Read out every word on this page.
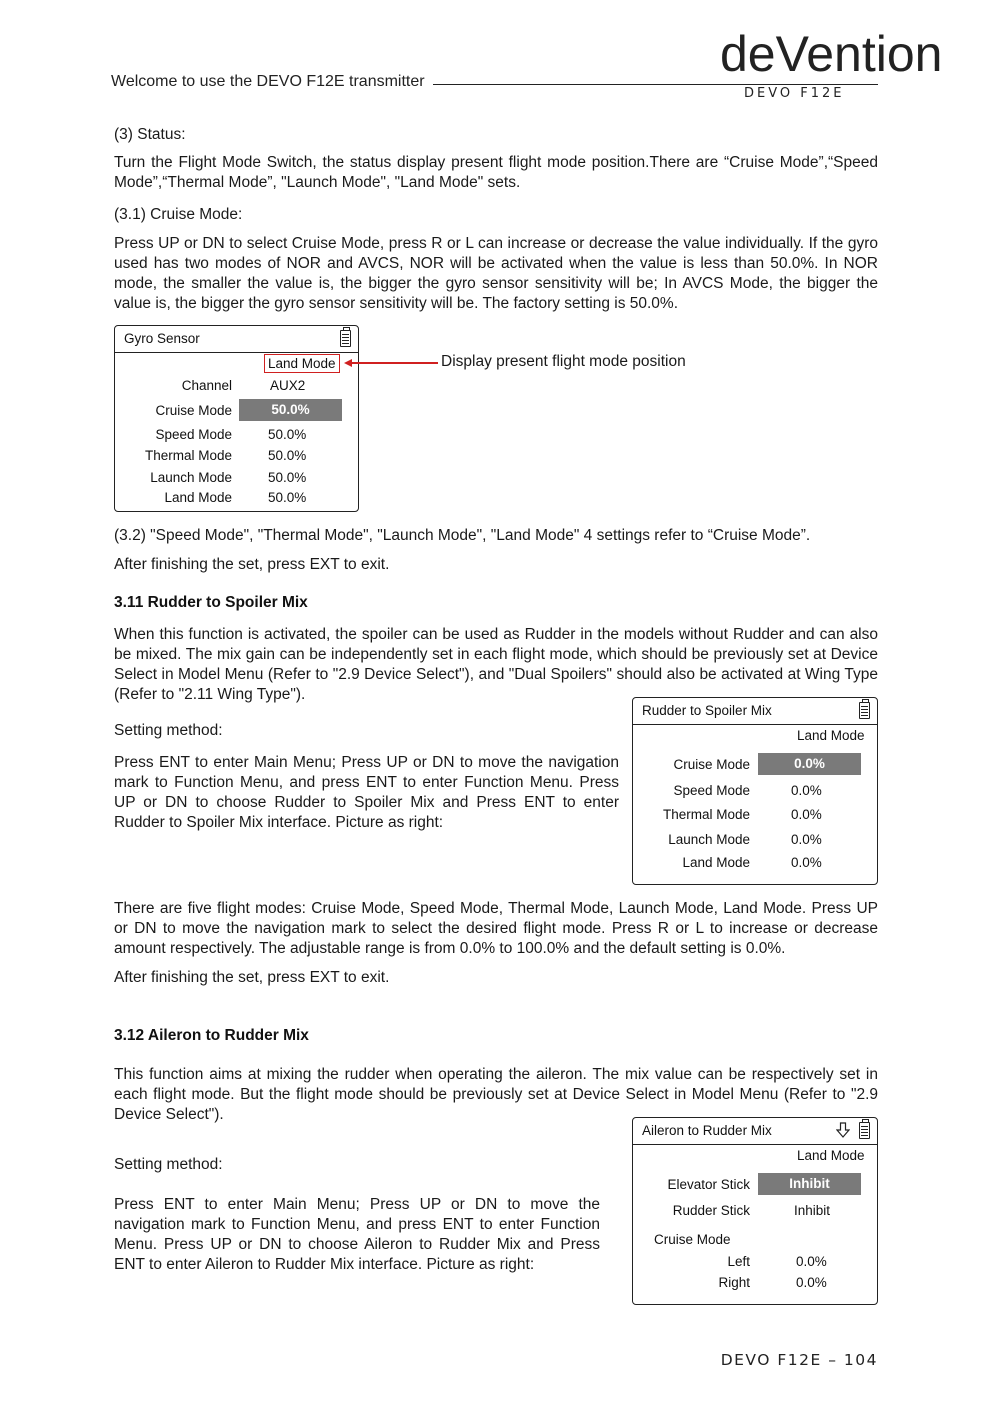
Welcome to use the DEVO F12E transmitter	deVention
DEVO F12E
(3) Status:
Turn the Flight Mode Switch, the status display present flight mode position.There are “Cruise Mode”,“Speed Mode”,“Thermal Mode”, "Launch Mode", "Land Mode" sets.
(3.1) Cruise Mode:
Press UP or DN to select Cruise Mode, press R or L can increase or decrease the value individually. If the gyro used has two modes of NOR and AVCS, NOR will be activated when the value is less than 50.0%. In NOR mode, the smaller the value is, the bigger the gyro sensor sensitivity will be; In AVCS Mode, the bigger the value is, the bigger the gyro sensor sensitivity will be. The factory setting is 50.0%.
Gyro Sensor
Channel	AUX2
Cruise Mode	50.0%
Speed Mode	50.0%
Thermal Mode	50.0%
Launch Mode	50.0%
Land Mode	50.0%
Land Mode	Display present flight mode position
(3.2) "Speed Mode", "Thermal Mode", "Launch Mode", "Land Mode" 4 settings refer to “Cruise Mode”.
After finishing the set, press EXT to exit.
3.11 Rudder to Spoiler Mix
When this function is activated, the spoiler can be used as Rudder in the models without Rudder and can also be mixed. The mix gain can be independently set in each flight mode, which should be previously set at Device Select in Model Menu (Refer to "2.9 Device Select"), and "Dual Spoilers" should also be activated at Wing Type (Refer to "2.11 Wing Type").
Setting method:
Press ENT to enter Main Menu; Press UP or DN to move the navigation mark to Function Menu, and press ENT to enter Function Menu. Press UP or DN to choose Rudder to Spoiler Mix and Press ENT to enter Rudder to Spoiler Mix interface. Picture as right:
Rudder to Spoiler Mix
Land Mode
Cruise Mode	0.0%
Speed Mode	0.0%
Thermal Mode	0.0%
Launch Mode	0.0%
Land Mode	0.0%
There are five flight modes: Cruise Mode, Speed Mode, Thermal Mode, Launch Mode, Land Mode. Press UP or DN to move the navigation mark to select the desired flight mode. Press R or L to increase or decrease amount respectively. The adjustable range is from 0.0% to 100.0% and the default setting is 0.0%.
After finishing the set, press EXT to exit.
3.12 Aileron to Rudder Mix
This function aims at mixing the rudder when operating the aileron. The mix value can be respectively set in each flight mode. But the flight mode should be previously set at Device Select in Model Menu (Refer to "2.9 Device Select").
Setting method:
Press ENT to enter Main Menu; Press UP or DN to move the navigation mark to Function Menu, and press ENT to enter Function Menu. Press UP or DN to choose Aileron to Rudder Mix and Press ENT to enter Aileron to Rudder Mix interface. Picture as right:
Aileron to Rudder Mix
Land Mode
Elevator Stick	Inhibit
Rudder Stick	Inhibit
Cruise Mode
Left	0.0%
Right	0.0%
DEVO F12E – 104
